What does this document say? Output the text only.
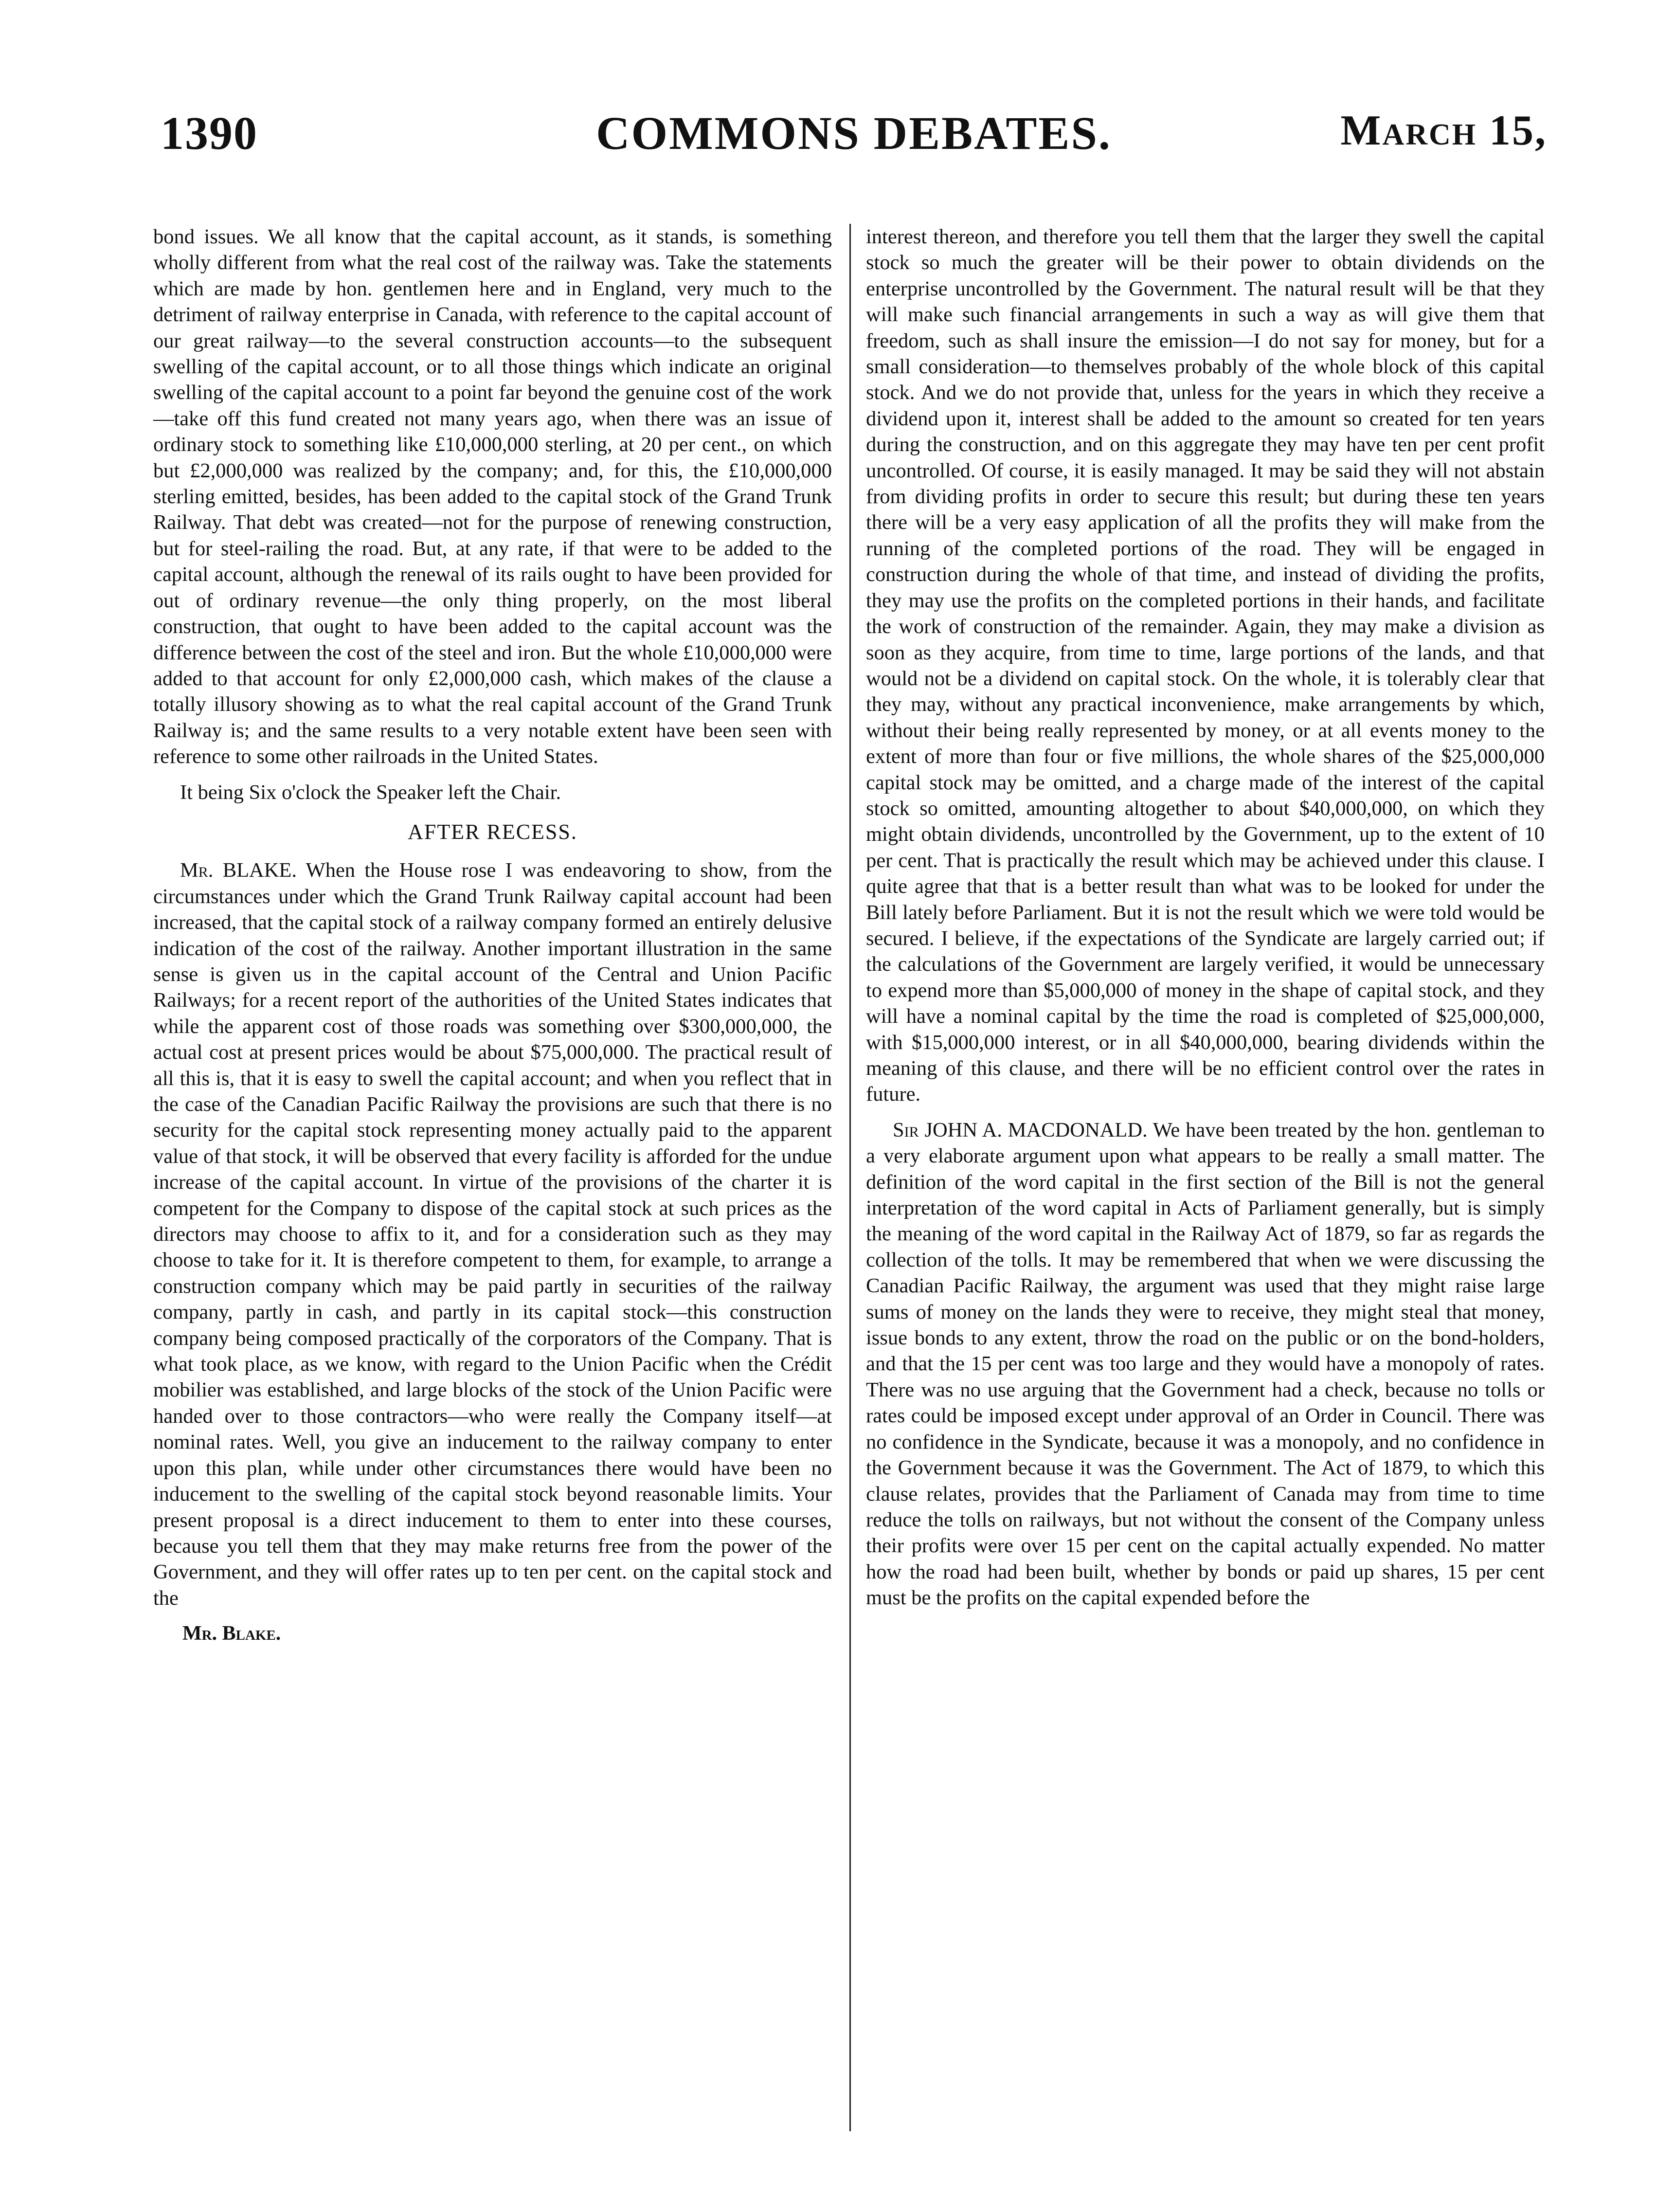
1390	COMMONS DEBATES.	March 15,

bond issues. We all know that the capital account, as it stands, is something wholly different from what the real cost of the railway was. Take the statements which are made by hon. gentlemen here and in England, very much to the detriment of railway enterprise in Canada, with reference to the capital account of our great railway—to the several construction accounts—to the subsequent swelling of the capital account, or to all those things which indicate an original swelling of the capital account to a point far beyond the genuine cost of the work—take off this fund created not many years ago, when there was an issue of ordinary stock to something like £10,000,000 sterling, at 20 per cent., on which but £2,000,000 was realized by the company; and, for this, the £10,000,000 sterling emitted, besides, has been added to the capital stock of the Grand Trunk Railway. That debt was created—not for the purpose of renewing construction, but for steel-railing the road. But, at any rate, if that were to be added to the capital account, although the renewal of its rails ought to have been provided for out of ordinary revenue—the only thing properly, on the most liberal construction, that ought to have been added to the capital account was the difference between the cost of the steel and iron. But the whole £10,000,000 were added to that account for only £2,000,000 cash, which makes of the clause a totally illusory showing as to what the real capital account of the Grand Trunk Railway is; and the same results to a very notable extent have been seen with reference to some other railroads in the United States.

It being Six o'clock the Speaker left the Chair.

AFTER RECESS.

Mr. BLAKE. When the House rose I was endeavoring to show, from the circumstances under which the Grand Trunk Railway capital account had been increased, that the capital stock of a railway company formed an entirely delusive indication of the cost of the railway. Another important illustration in the same sense is given us in the capital account of the Central and Union Pacific Railways; for a recent report of the authorities of the United States indicates that while the apparent cost of those roads was something over $300,000,000, the actual cost at present prices would be about $75,000,000. The practical result of all this is, that it is easy to swell the capital account; and when you reflect that in the case of the Canadian Pacific Railway the provisions are such that there is no security for the capital stock representing money actually paid to the apparent value of that stock, it will be observed that every facility is afforded for the undue increase of the capital account. In virtue of the provisions of the charter it is competent for the Company to dispose of the capital stock at such prices as the directors may choose to affix to it, and for a consideration such as they may choose to take for it. It is therefore competent to them, for example, to arrange a construction company which may be paid partly in securities of the railway company, partly in cash, and partly in its capital stock—this construction company being composed practically of the corporators of the Company. That is what took place, as we know, with regard to the Union Pacific when the Crédit mobilier was established, and large blocks of the stock of the Union Pacific were handed over to those contractors—who were really the Company itself—at nominal rates. Well, you give an inducement to the railway company to enter upon this plan, while under other circumstances there would have been no inducement to the swelling of the capital stock beyond reasonable limits. Your present proposal is a direct inducement to them to enter into these courses, because you tell them that they may make returns free from the power of the Government, and they will offer rates up to ten per cent. on the capital stock and the

Mr. Blake.

interest thereon, and therefore you tell them that the larger they swell the capital stock so much the greater will be their power to obtain dividends on the enterprise uncontrolled by the Government. The natural result will be that they will make such financial arrangements in such a way as will give them that freedom, such as shall insure the emission—I do not say for money, but for a small consideration—to themselves probably of the whole block of this capital stock. And we do not provide that, unless for the years in which they receive a dividend upon it, interest shall be added to the amount so created for ten years during the construction, and on this aggregate they may have ten per cent profit uncontrolled. Of course, it is easily managed. It may be said they will not abstain from dividing profits in order to secure this result; but during these ten years there will be a very easy application of all the profits they will make from the running of the completed portions of the road. They will be engaged in construction during the whole of that time, and instead of dividing the profits, they may use the profits on the completed portions in their hands, and facilitate the work of construction of the remainder. Again, they may make a division as soon as they acquire, from time to time, large portions of the lands, and that would not be a dividend on capital stock. On the whole, it is tolerably clear that they may, without any practical inconvenience, make arrangements by which, without their being really represented by money, or at all events money to the extent of more than four or five millions, the whole shares of the $25,000,000 capital stock may be omitted, and a charge made of the interest of the capital stock so omitted, amounting altogether to about $40,000,000, on which they might obtain dividends, uncontrolled by the Government, up to the extent of 10 per cent. That is practically the result which may be achieved under this clause. I quite agree that that is a better result than what was to be looked for under the Bill lately before Parliament. But it is not the result which we were told would be secured. I believe, if the expectations of the Syndicate are largely carried out; if the calculations of the Government are largely verified, it would be unnecessary to expend more than $5,000,000 of money in the shape of capital stock, and they will have a nominal capital by the time the road is completed of $25,000,000, with $15,000,000 interest, or in all $40,000,000, bearing dividends within the meaning of this clause, and there will be no efficient control over the rates in future.

Sir JOHN A. MACDONALD. We have been treated by the hon. gentleman to a very elaborate argument upon what appears to be really a small matter. The definition of the word capital in the first section of the Bill is not the general interpretation of the word capital in Acts of Parliament generally, but is simply the meaning of the word capital in the Railway Act of 1879, so far as regards the collection of the tolls. It may be remembered that when we were discussing the Canadian Pacific Railway, the argument was used that they might raise large sums of money on the lands they were to receive, they might steal that money, issue bonds to any extent, throw the road on the public or on the bond-holders, and that the 15 per cent was too large and they would have a monopoly of rates. There was no use arguing that the Government had a check, because no tolls or rates could be imposed except under approval of an Order in Council. There was no confidence in the Syndicate, because it was a monopoly, and no confidence in the Government because it was the Government. The Act of 1879, to which this clause relates, provides that the Parliament of Canada may from time to time reduce the tolls on railways, but not without the consent of the Company unless their profits were over 15 per cent on the capital actually expended. No matter how the road had been built, whether by bonds or paid up shares, 15 per cent must be the profits on the capital expended before the
